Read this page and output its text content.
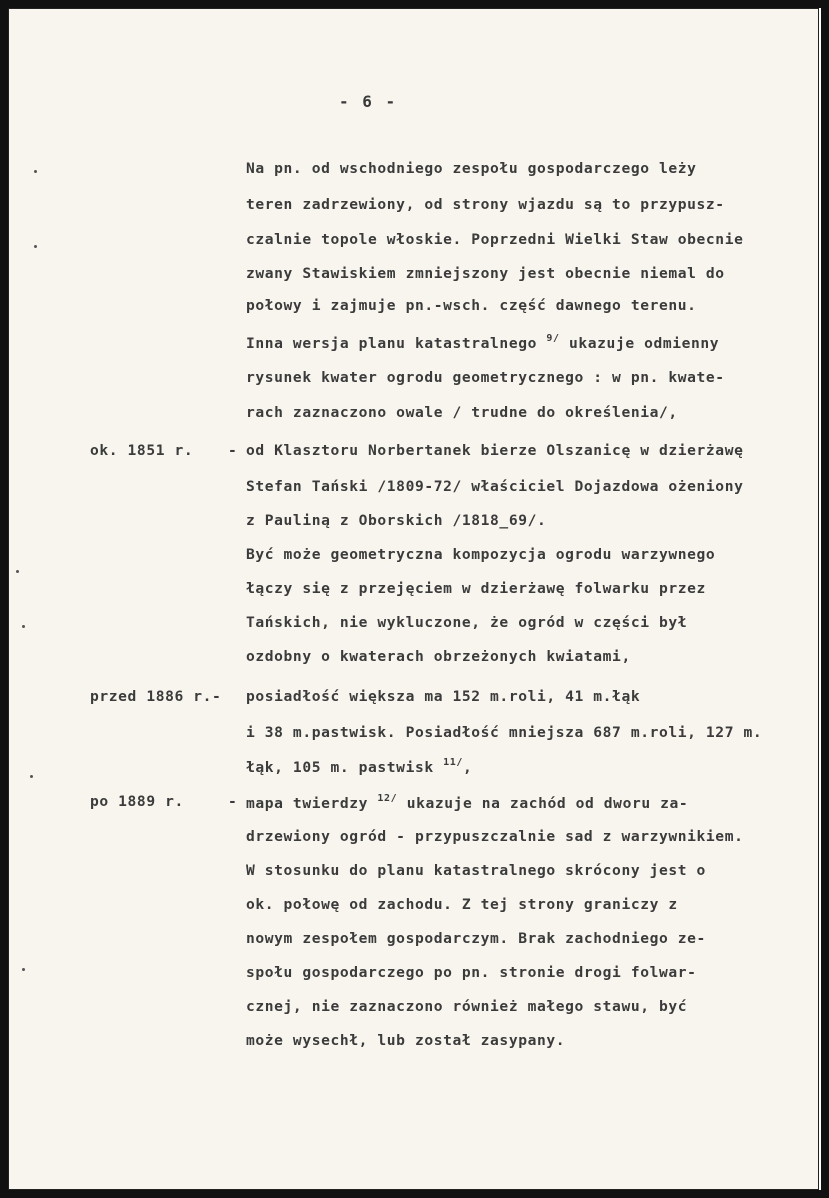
- 6 -
Na pn. od wschodniego zespołu gospodarczego leży
teren zadrzewiony, od strony wjazdu są to przypusz-
czalnie topole włoskie. Poprzedni Wielki Staw obecnie
zwany Stawiskiem zmniejszony jest obecnie niemal do
połowy i zajmuje pn.-wsch. część dawnego terenu.
Inna wersja planu katastralnego $^{9/}$ ukazuje odmienny
rysunek kwater ogrodu geometrycznego : w pn. kwate-
rach zaznaczono owale / trudne do określenia/,
ok. 1851 r. - od Klasztoru Norbertanek bierze Olszanicę w dzierżawę
Stefan Tański /1809-72/ właściciel Dojazdowa ożeniony
z Pauliną z Oborskich /1818_69/.
Być może geometryczna kompozycja ogrodu warzywnego
łączy się z przejęciem w dzierżawę folwarku przez
Tańskich, nie wykluczone, że ogród w części był
ozdobny o kwaterach obrzeżonych kwiatami,
przed 1886 r.- posiadłość większa ma 152 m.roli, 41 m.łąk
i 38 m.pastwisk. Posiadłość mniejsza 687 m.roli, 127 m.
łąk, 105 m. pastwisk $^{11/}$,
po 1889 r.	- mapa twierdzy $^{12/}$ ukazuje na zachód od dworu za-
drzewiony ogród - przypuszczalnie sad z warzywnikiem.
W stosunku do planu katastralnego skrócony jest o
ok. połowę od zachodu. Z tej strony graniczy z
nowym zespołem gospodarczym. Brak zachodniego ze-
społu gospodarczego po pn. stronie drogi folwar-
cznej, nie zaznaczono również małego stawu, być
może wysechł, lub został zasypany.
